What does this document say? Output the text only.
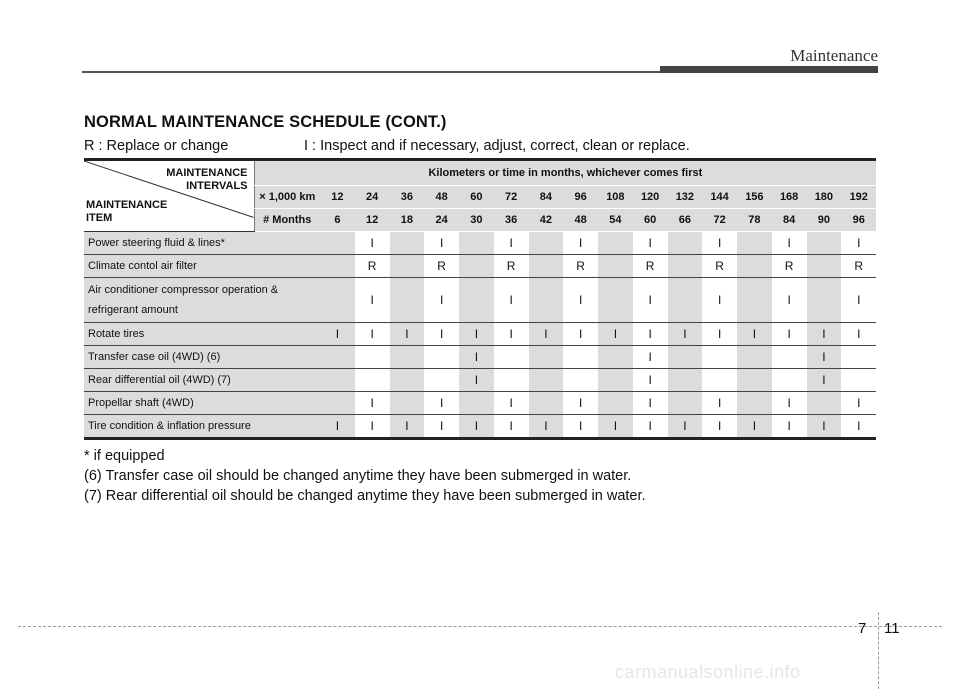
Maintenance
NORMAL MAINTENANCE SCHEDULE (CONT.)
R : Replace or change	I : Inspect and if necessary, adjust, correct, clean or replace.
MAINTENANCE
INTERVALS
MAINTENANCE
ITEM	Kilometers or time in months, whichever comes first																
	× 1,000 km	12	24	36	48	60	72	84	96	108	120	132	144	156	168	180	192
	# Months	6	12	18	24	30	36	42	48	54	60	66	72	78	84	90	96
Power steering fluid & lines*			I		I		I		I		I		I		I		I
Climate contol air filter			R		R		R		R		R		R		R		R

Air conditioner compressor operation &
refrigerant amount			I		I		I		I		I		I		I		I
Rotate tires		I	I	I	I	I	I	I	I	I	I	I	I	I	I	I	I
Transfer case oil (4WD) (6)						I					I					I	
Rear differential oil (4WD) (7)						I					I					I	
Propellar shaft (4WD)			I		I		I		I		I		I		I		I
Tire condition & inflation pressure		I	I	I	I	I	I	I	I	I	I	I	I	I	I	I	I
* if equipped
(6) Transfer case oil should be changed anytime they have been submerged in water.
(7) Rear differential oil should be changed anytime they have been submerged in water.
7 11
carmanualsonline.info
